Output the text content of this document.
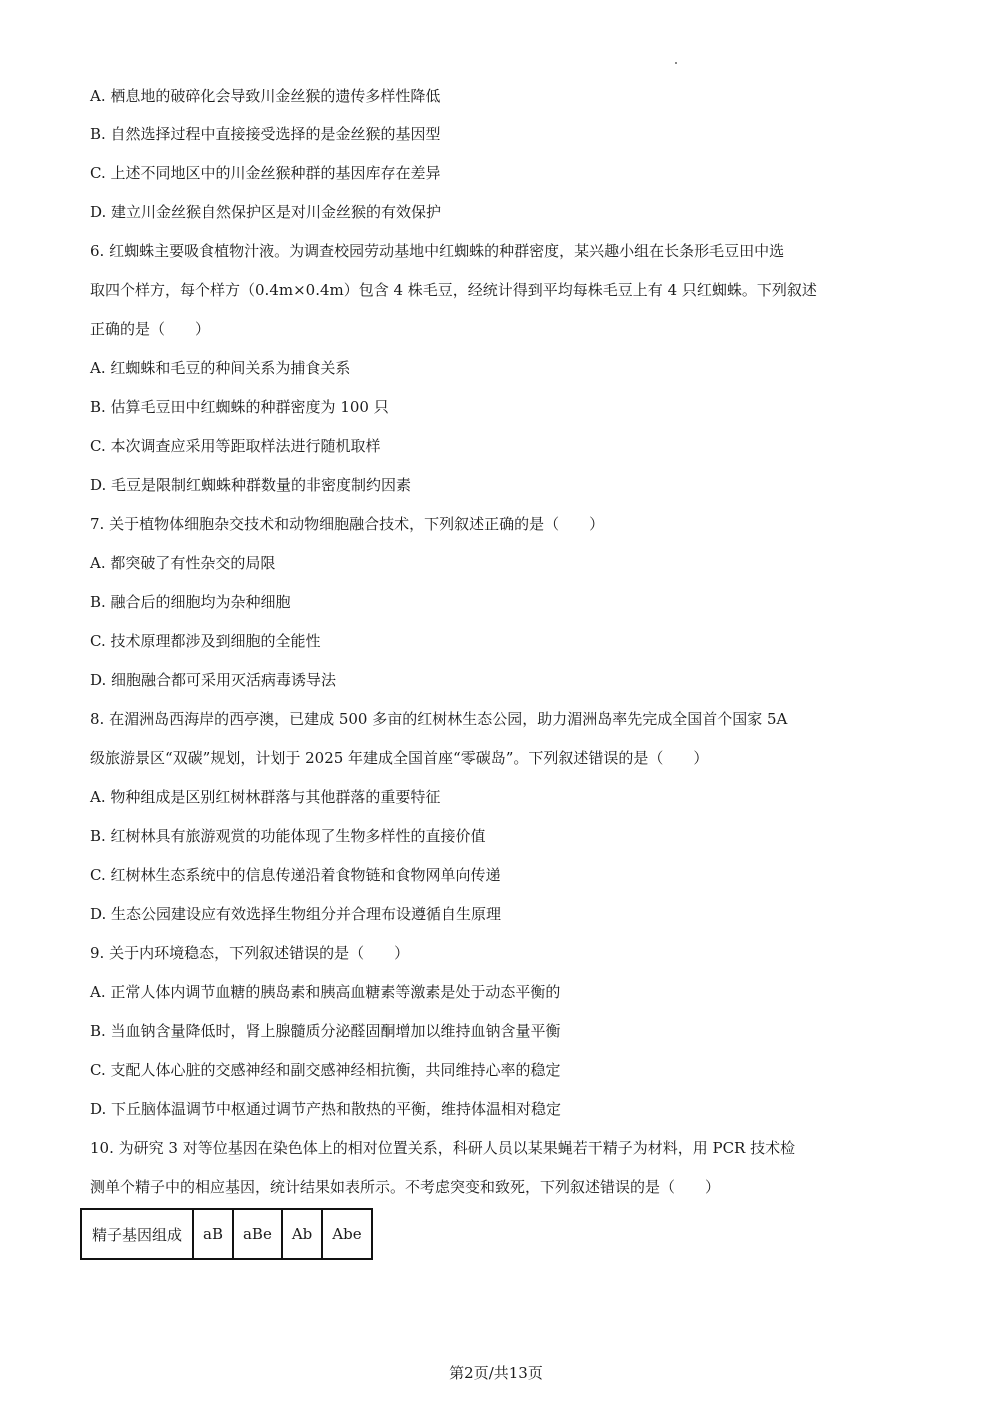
A. 栖息地的破碎化会导致川金丝猴的遗传多样性降低
B. 自然选择过程中直接接受选择的是金丝猴的基因型
C. 上述不同地区中的川金丝猴种群的基因库存在差异
D. 建立川金丝猴自然保护区是对川金丝猴的有效保护
6. 红蜘蛛主要吸食植物汁液。为调查校园劳动基地中红蜘蛛的种群密度，某兴趣小组在长条形毛豆田中选
取四个样方，每个样方（0.4m×0.4m）包含 4 株毛豆，经统计得到平均每株毛豆上有 4 只红蜘蛛。下列叙述
正确的是（　　）
A. 红蜘蛛和毛豆的种间关系为捕食关系
B. 估算毛豆田中红蜘蛛的种群密度为 100 只
C. 本次调查应采用等距取样法进行随机取样
D. 毛豆是限制红蜘蛛种群数量的非密度制约因素
7. 关于植物体细胞杂交技术和动物细胞融合技术，下列叙述正确的是（　　）
A. 都突破了有性杂交的局限
B. 融合后的细胞均为杂种细胞
C. 技术原理都涉及到细胞的全能性
D. 细胞融合都可采用灭活病毒诱导法
8. 在湄洲岛西海岸的西亭澳，已建成 500 多亩的红树林生态公园，助力湄洲岛率先完成全国首个国家 5A
级旅游景区“双碳”规划，计划于 2025 年建成全国首座“零碳岛”。下列叙述错误的是（　　）
A. 物种组成是区别红树林群落与其他群落的重要特征
B. 红树林具有旅游观赏的功能体现了生物多样性的直接价值
C. 红树林生态系统中的信息传递沿着食物链和食物网单向传递
D. 生态公园建设应有效选择生物组分并合理布设遵循自生原理
9. 关于内环境稳态，下列叙述错误的是（　　）
A. 正常人体内调节血糖的胰岛素和胰高血糖素等激素是处于动态平衡的
B. 当血钠含量降低时，肾上腺髓质分泌醛固酮增加以维持血钠含量平衡
C. 支配人体心脏的交感神经和副交感神经相抗衡，共同维持心率的稳定
D. 下丘脑体温调节中枢通过调节产热和散热的平衡，维持体温相对稳定
10. 为研究 3 对等位基因在染色体上的相对位置关系，科研人员以某果蝇若干精子为材料，用 PCR 技术检
测单个精子中的相应基因，统计结果如表所示。不考虑突变和致死，下列叙述错误的是（　　）
精子基因组成	aB	aBe	Ab	Abe
第2页/共13页
